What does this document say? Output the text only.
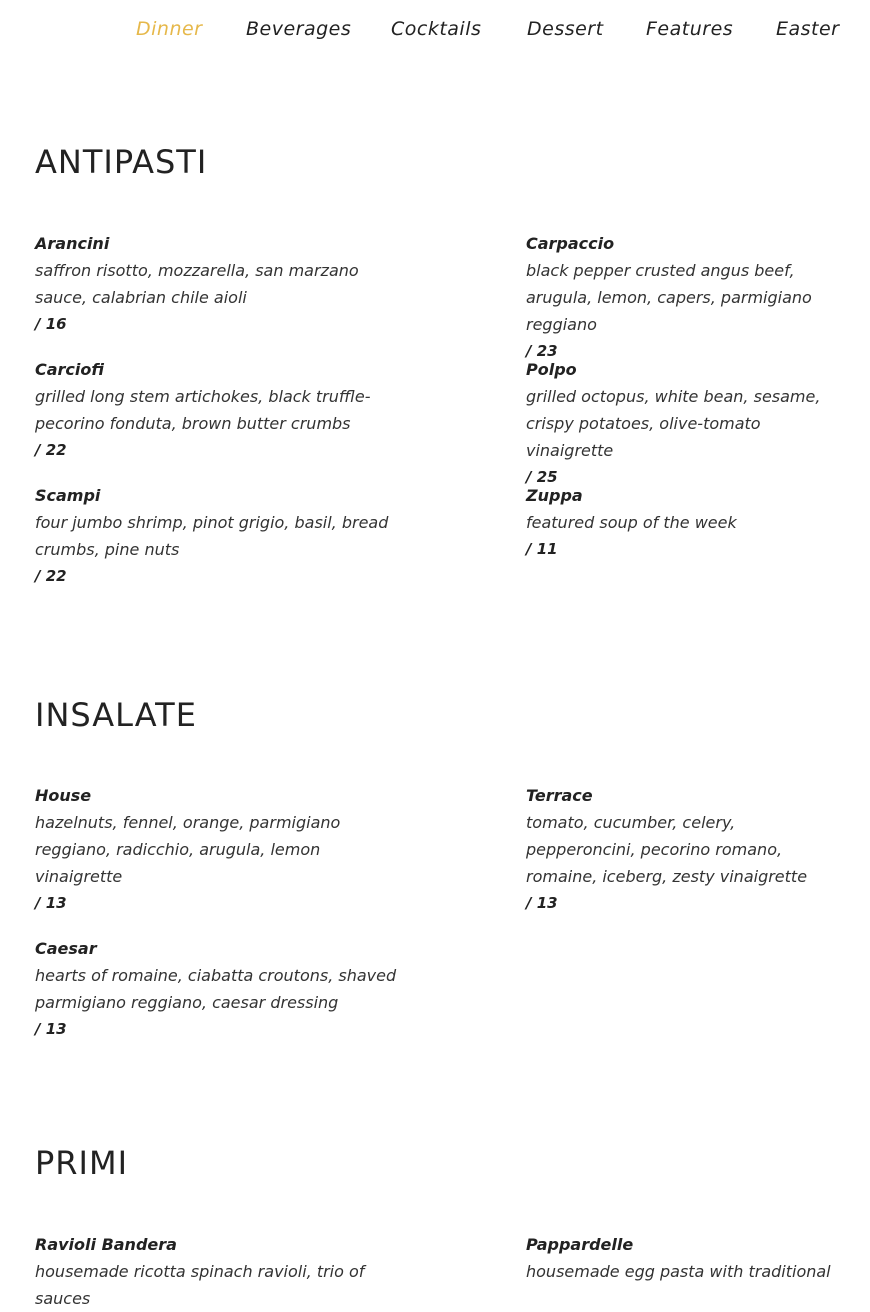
Dinner Beverages Cocktails Dessert Features Easter
ANTIPASTI
Arancini
saffron risotto, mozzarella, san marzano sauce, calabrian chile aioli
/ 16
Carpaccio
black pepper crusted angus beef, arugula, lemon, capers, parmigiano reggiano
/ 23
Carciofi
grilled long stem artichokes, black truffle-pecorino fonduta, brown butter crumbs
/ 22
Polpo
grilled octopus, white bean, sesame, crispy potatoes, olive-tomato vinaigrette
/ 25
Scampi
four jumbo shrimp, pinot grigio, basil, bread crumbs, pine nuts
/ 22
Zuppa
featured soup of the week
/ 11
INSALATE
House
hazelnuts, fennel, orange, parmigiano reggiano, radicchio, arugula, lemon vinaigrette
/ 13
Terrace
tomato, cucumber, celery, pepperoncini, pecorino romano, romaine, iceberg, zesty vinaigrette
/ 13
Caesar
hearts of romaine, ciabatta croutons, shaved parmigiano reggiano, caesar dressing
/ 13
PRIMI
Ravioli Bandera
housemade ricotta spinach ravioli, trio of sauces
Pappardelle
housemade egg pasta with traditional
